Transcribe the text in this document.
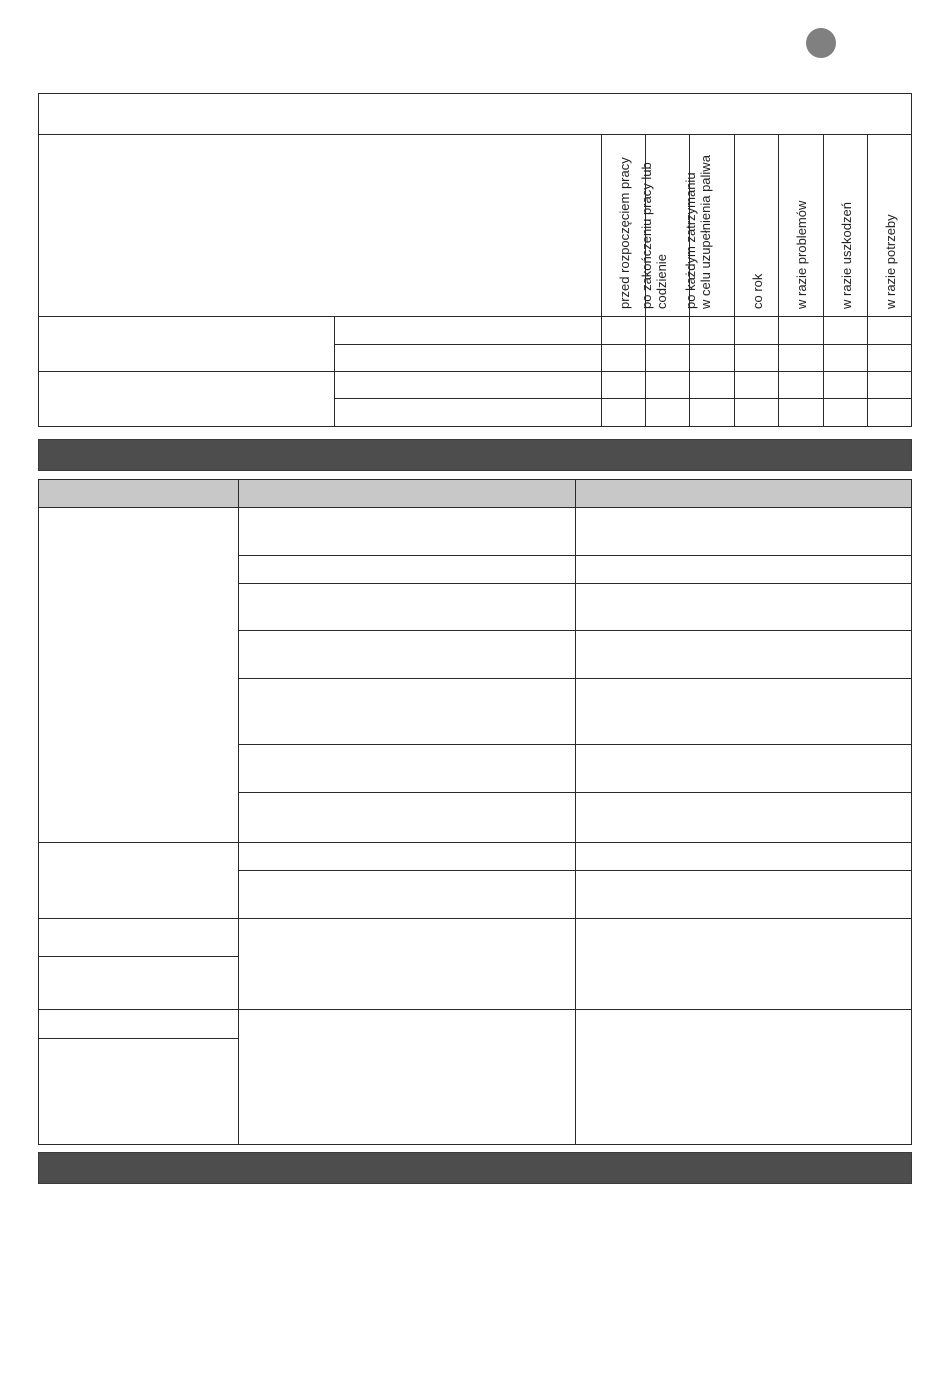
przed rozpoczęciem pracy po zakończeniu pracy lub
codzienie po każdym zatrzymaniu
w celu uzupełnienia paliwa
co rok w razie problemów w razie uszkodzeń w razie potrzeby
